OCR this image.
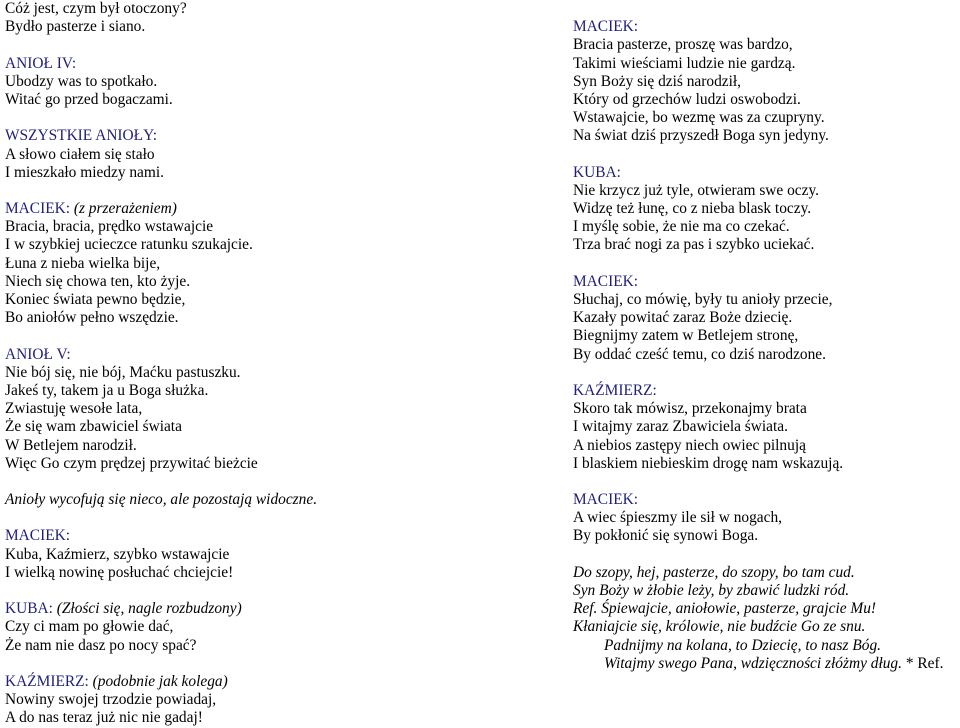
Cóż jest, czym był otoczony?
Bydło pasterze i siano.
ANIOŁ IV:
Ubodzy was to spotkało.
Witać go przed bogaczami.
WSZYSTKIE ANIOŁY:
A słowo ciałem się stało
I mieszkało miedzy nami.
MACIEK: (z przerażeniem)
Bracia, bracia, prędko wstawajcie
I w szybkiej ucieczce ratunku szukajcie.
Łuna z nieba wielka bije,
Niech się chowa ten, kto żyje.
Koniec świata pewno będzie,
Bo aniołów pełno wszędzie.
ANIOŁ V:
Nie bój się, nie bój, Maćku pastuszku.
Jakeś ty, takem ja u Boga służka.
Zwiastuję wesołe lata,
Że się wam zbawiciel świata
W Betlejem narodził.
Więc Go czym prędzej przywitać bieżcie
Anioły wycofują się nieco, ale pozostają widoczne.
MACIEK:
Kuba, Kaźmierz, szybko wstawajcie
I wielką nowinę posłuchać chciejcie!
KUBA: (Złości się, nagle rozbudzony)
Czy ci mam po głowie dać,
Że nam nie dasz po nocy spać?
KAŹMIERZ: (podobnie jak kolega)
Nowiny swojej trzodzie powiadaj,
A do nas teraz już nic nie gadaj!
MACIEK:
Bracia pasterze, proszę was bardzo,
Takimi wieściami ludzie nie gardzą.
Syn Boży się dziś narodził,
Który od grzechów ludzi oswobodzi.
Wstawajcie, bo wezmę was za czupryny.
Na świat dziś przyszedł Boga syn jedyny.
KUBA:
Nie krzycz już tyle, otwieram swe oczy.
Widzę też łunę, co z nieba blask toczy.
I myślę sobie, że nie ma co czekać.
Trza brać nogi za pas i szybko uciekać.
MACIEK:
Słuchaj, co mówię, były tu anioły przecie,
Kazały powitać zaraz Boże dziecię.
Biegnijmy zatem w Betlejem stronę,
By oddać cześć temu, co dziś narodzone.
KAŹMIERZ:
Skoro tak mówisz, przekonajmy brata
I witajmy zaraz Zbawiciela świata.
A niebios zastępy niech owiec pilnują
I blaskiem niebieskim drogę nam wskazują.
MACIEK:
A wiec śpieszmy ile sił w nogach,
By pokłonić się synowi Boga.
Do szopy, hej, pasterze, do szopy, bo tam cud.
Syn Boży w żłobie leży, by zbawić ludzki ród.
Ref. Śpiewajcie, aniołowie, pasterze, grajcie Mu!
Kłaniajcie się, królowie, nie budźcie Go ze snu.
Padnijmy na kolana, to Dziecię, to nasz Bóg.
Witajmy swego Pana, wdzięczności złóżmy dług. * Ref.
